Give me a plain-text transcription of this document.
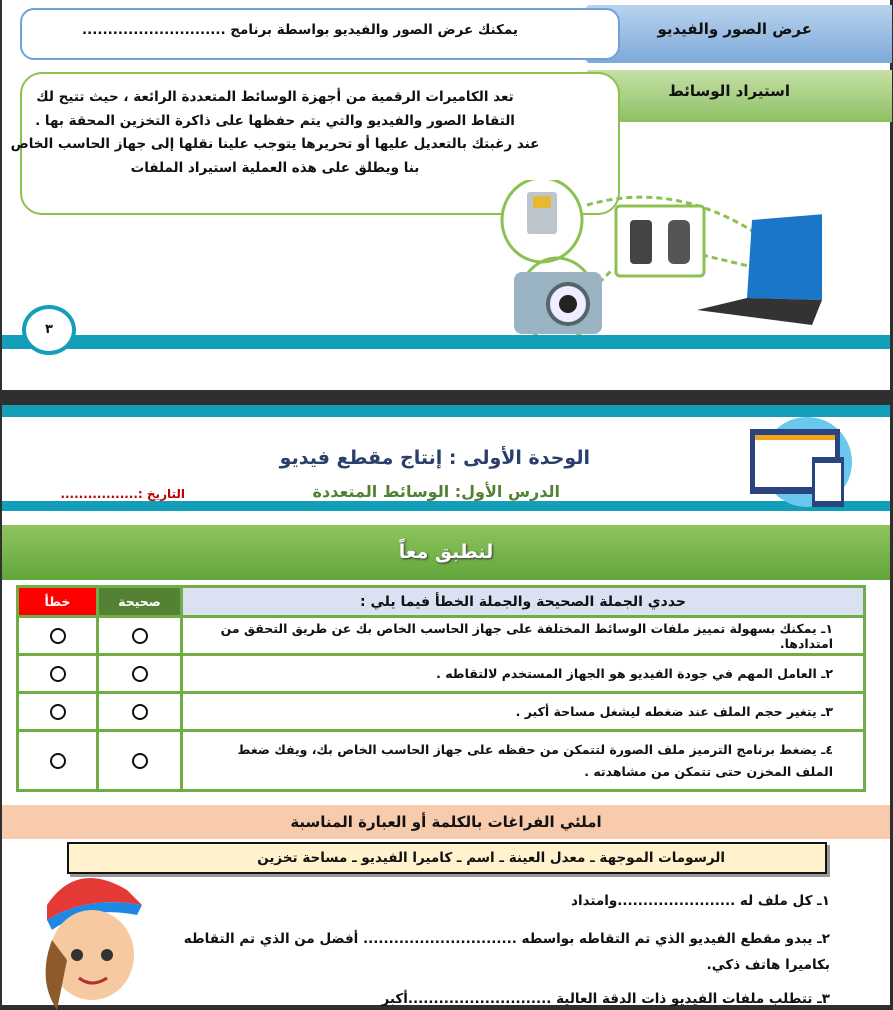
عرض الصور والفيديو
يمكنك عرض الصور والفيديو بواسطة برنامج ............................
استيراد الوسائط
تعد الكاميرات الرقمية من أجهزة الوسائط المتعددة الرائعة ، حيث تتيح لك
التقاط الصور والفيديو والتي يتم حفظها على ذاكرة التخزين المحقة بها .
عند رغبتك بالتعديل عليها أو تحريرها يتوجب علينا نقلها إلى جهاز الحاسب الخاص
بنا ويطلق على هذه العملية استيراد الملفات
٣
الوحدة الأولى : إنتاج مقطع فيديو
الدرس الأول: الوسائط المتعددة
التاريخ :.................
لنطبق معاً
حددي الجملة الصحيحة والجملة الخطأ فيما يلي :	صحيحة	خطأ
١ـ يمكنك بسهولة تمييز ملفات الوسائط المختلفة على جهاز الحاسب الخاص بك عن طريق التحقق من امتدادها.	

٢ـ العامل المهم في جودة الفيديو هو الجهاز المستخدم لالتقاطه .	

٣ـ يتغير حجم الملف عند ضغطه ليشغل مساحة أكبر .	

٤ـ يضغط برنامج الترميز ملف الصورة لتتمكن من حفظه على جهاز الحاسب الخاص بك، ويفك ضغط الملف المخزن حتى تتمكن من مشاهدته .	

املئي الفراغات بالكلمة أو العبارة المناسبة
الرسومات الموجهة ـ معدل العينة ـ اسم ـ كاميرا الفيديو ـ مساحة تخزين
١ـ كل ملف له .......................وامتداد
٢ـ يبدو مقطع الفيديو الذي تم التقاطه بواسطه .............................. أفضل من الذي تم التقاطه بكاميرا هاتف ذكي.
٣ـ تتطلب ملفات الفيديو ذات الدقة العالية ............................أكبر
